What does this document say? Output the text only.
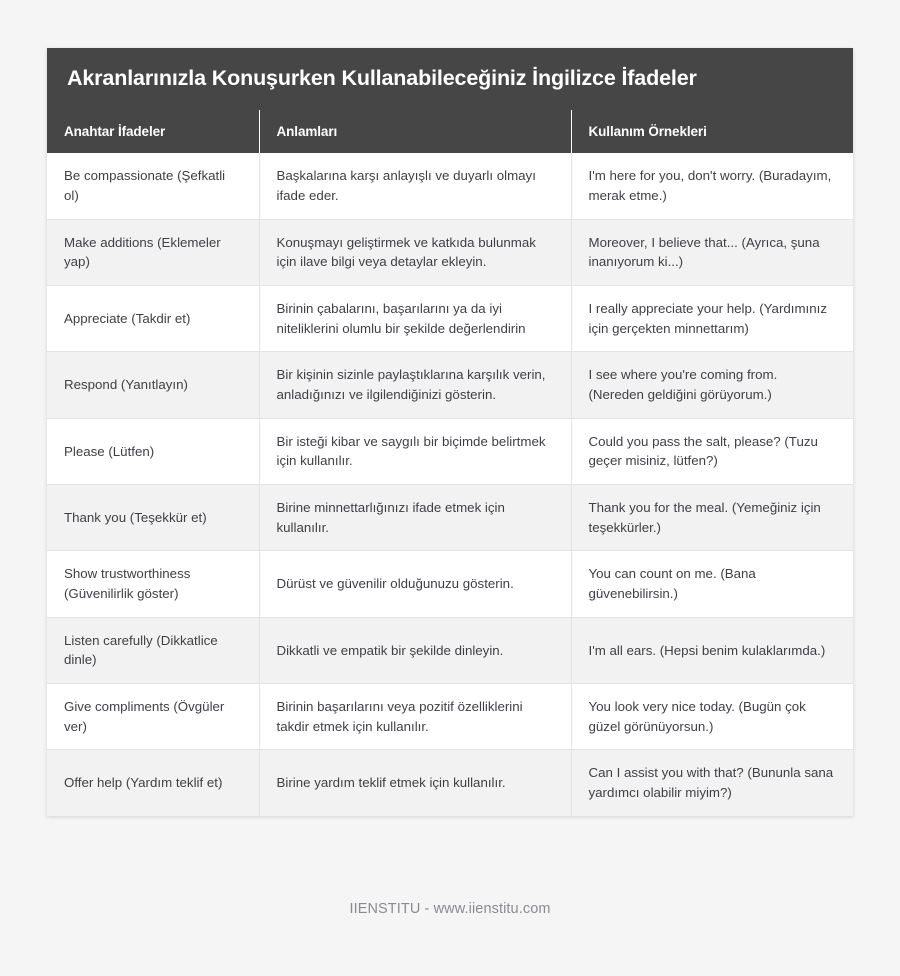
Akranlarınızla Konuşurken Kullanabileceğiniz İngilizce İfadeler
Anahtar İfadeler	Anlamları	Kullanım Örnekleri
Be compassionate (Şefkatli ol)	Başkalarına karşı anlayışlı ve duyarlı olmayı ifade eder.	I'm here for you, don't worry. (Buradayım, merak etme.)
Make additions (Eklemeler yap)	Konuşmayı geliştirmek ve katkıda bulunmak için ilave bilgi veya detaylar ekleyin.	Moreover, I believe that... (Ayrıca, şuna inanıyorum ki...)
Appreciate (Takdir et)	Birinin çabalarını, başarılarını ya da iyi niteliklerini olumlu bir şekilde değerlendirin	I really appreciate your help. (Yardımınız için gerçekten minnettarım)
Respond (Yanıtlayın)	Bir kişinin sizinle paylaştıklarına karşılık verin, anladığınızı ve ilgilendiğinizi gösterin.	I see where you're coming from. (Nereden geldiğini görüyorum.)
Please (Lütfen)	Bir isteği kibar ve saygılı bir biçimde belirtmek için kullanılır.	Could you pass the salt, please? (Tuzu geçer misiniz, lütfen?)
Thank you (Teşekkür et)	Birine minnettarlığınızı ifade etmek için kullanılır.	Thank you for the meal. (Yemeğiniz için teşekkürler.)
Show trustworthiness (Güvenilirlik göster)	Dürüst ve güvenilir olduğunuzu gösterin.	You can count on me. (Bana güvenebilirsin.)
Listen carefully (Dikkatlice dinle)	Dikkatli ve empatik bir şekilde dinleyin.	I'm all ears. (Hepsi benim kulaklarımda.)
Give compliments (Övgüler ver)	Birinin başarılarını veya pozitif özelliklerini takdir etmek için kullanılır.	You look very nice today. (Bugün çok güzel görünüyorsun.)
Offer help (Yardım teklif et)	Birine yardım teklif etmek için kullanılır.	Can I assist you with that? (Bununla sana yardımcı olabilir miyim?)
IIENSTITU - www.iienstitu.com
